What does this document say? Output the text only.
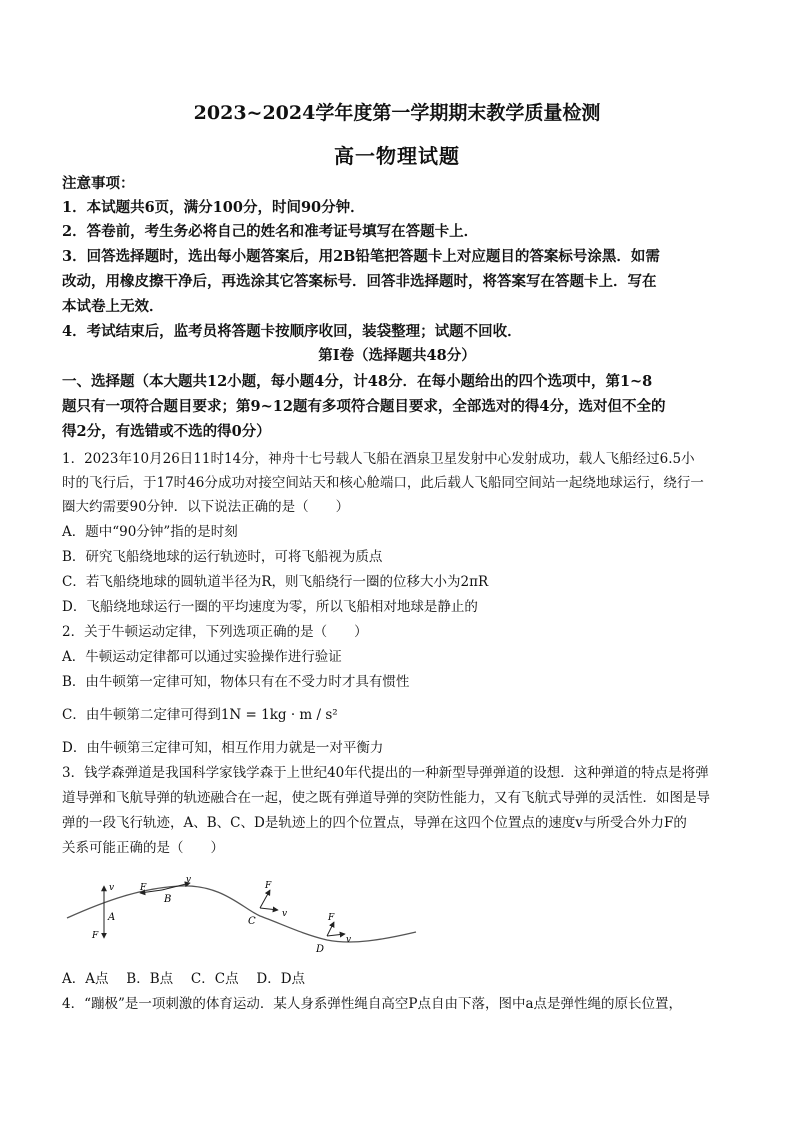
2023~2024学年度第一学期期末教学质量检测
高一物理试题
注意事项：
1．本试题共6页，满分100分，时间90分钟．
2．答卷前，考生务必将自己的姓名和准考证号填写在答题卡上．
3．回答选择题时，选出每小题答案后，用2B铅笔把答题卡上对应题目的答案标号涂黑．如需
改动，用橡皮擦干净后，再选涂其它答案标号．回答非选择题时，将答案写在答题卡上．写在
本试卷上无效．
4．考试结束后，监考员将答题卡按顺序收回，装袋整理；试题不回收．
第Ⅰ卷（选择题共48分）
一、选择题（本大题共12小题，每小题4分，计48分．在每小题给出的四个选项中，第1~8
题只有一项符合题目要求；第9~12题有多项符合题目要求，全部选对的得4分，选对但不全的
得2分，有选错或不选的得0分）
1．2023年10月26日11时14分，神舟十七号载人飞船在酒泉卫星发射中心发射成功，载人飞船经过6.5小
时的飞行后，于17时46分成功对接空间站天和核心舱端口，此后载人飞船同空间站一起绕地球运行，绕行一
圈大约需要90分钟．以下说法正确的是（　　）
A．题中“90分钟”指的是时刻
B．研究飞船绕地球的运行轨迹时，可将飞船视为质点
C．若飞船绕地球的圆轨道半径为R，则飞船绕行一圈的位移大小为2πR
D．飞船绕地球运行一圈的平均速度为零，所以飞船相对地球是静止的
2．关于牛顿运动定律，下列选项正确的是（　　）
A．牛顿运动定律都可以通过实验操作进行验证
B．由牛顿第一定律可知，物体只有在不受力时才具有惯性
C．由牛顿第二定律可得到1N = 1kg · m / s²
D．由牛顿第三定律可知，相互作用力就是一对平衡力
3．钱学森弹道是我国科学家钱学森于上世纪40年代提出的一种新型导弹弹道的设想．这种弹道的特点是将弹
道导弹和飞航导弹的轨迹融合在一起，使之既有弹道导弹的突防性能力，又有飞航式导弹的灵活性．如图是导
弹的一段飞行轨迹，A、B、C、D是轨迹上的四个位置点，导弹在这四个位置点的速度v与所受合外力F的
关系可能正确的是（　　）
A
v
F
B
F
v
C
F
v
D
F
v
A．A点　 B．B点　 C．C点　 D．D点
4．“蹦极”是一项刺激的体育运动．某人身系弹性绳自高空P点自由下落，图中a点是弹性绳的原长位置，
